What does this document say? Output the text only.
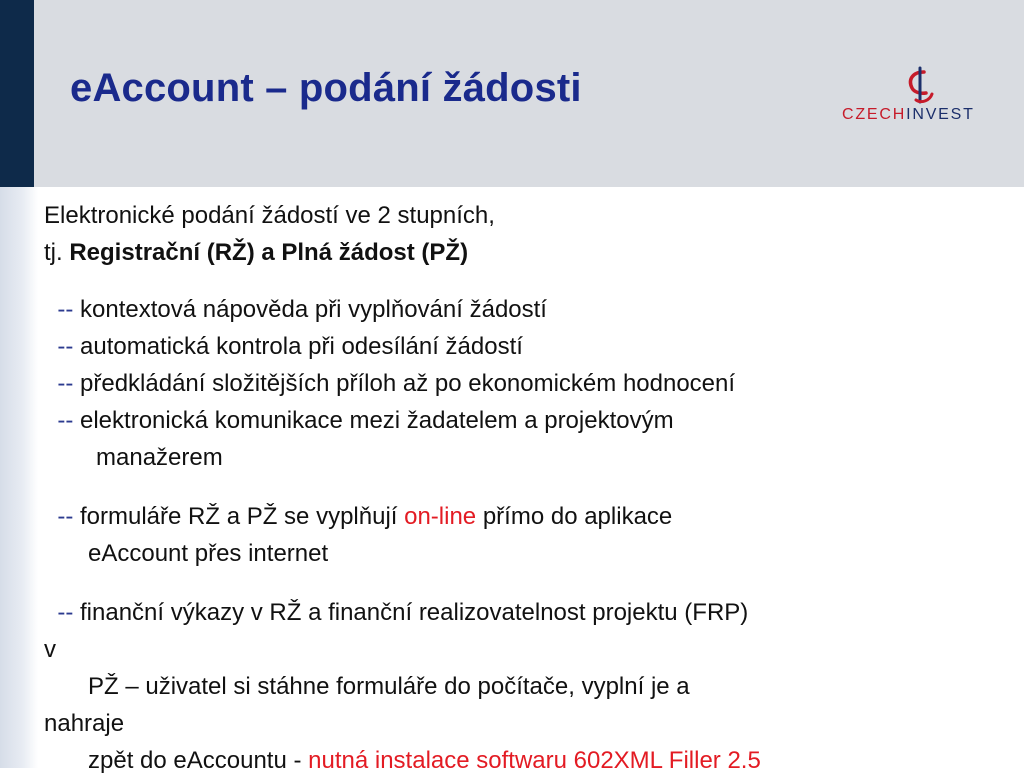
eAccount – podání žádosti
CZECHINVEST

Elektronické podání žádostí ve 2 stupních,

tj. Registrační (RŽ) a Plná žádost (PŽ)

-- kontextová nápověda při vyplňování žádostí

-- automatická kontrola při odesílání žádostí

-- předkládání složitějších příloh až po ekonomickém hodnocení

-- elektronická komunikace mezi žadatelem a projektovým

manažerem

-- formuláře RŽ a PŽ se vyplňují on-line přímo do aplikace

eAccount přes internet

-- finanční výkazy v RŽ a finanční realizovatelnost projektu (FRP)

v

PŽ – uživatel si stáhne formuláře do počítače, vyplní je a

nahraje

zpět do eAccountu - nutná instalace softwaru 602XML Filler 2.5
